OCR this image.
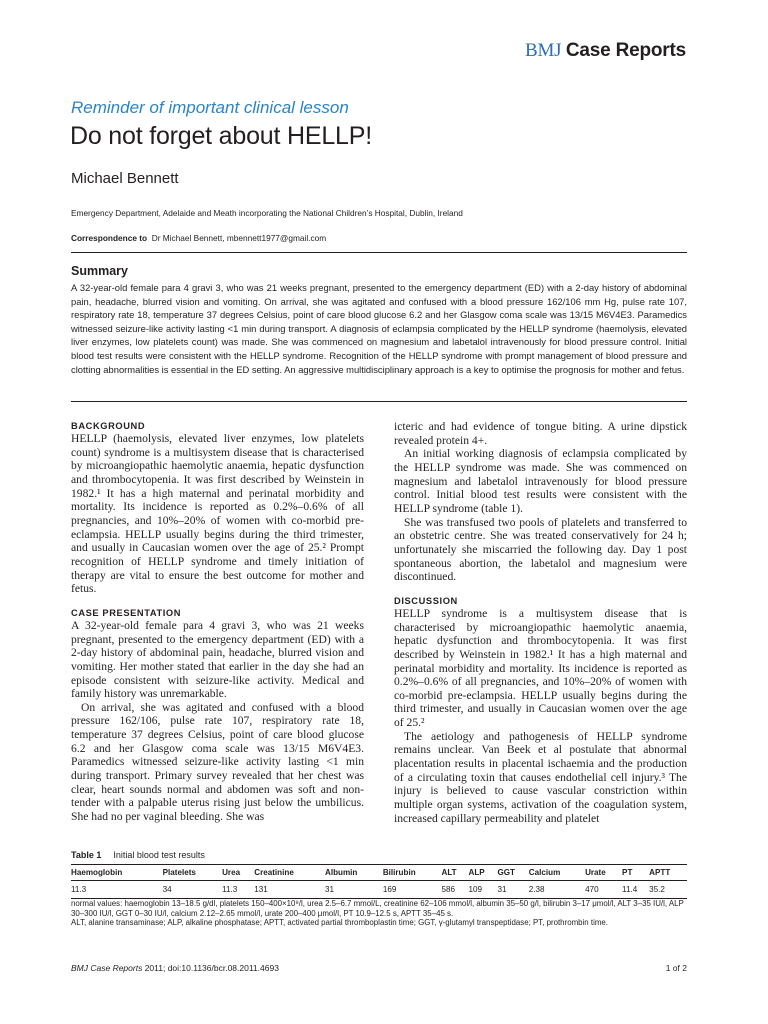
BMJ Case Reports
Reminder of important clinical lesson
Do not forget about HELLP!
Michael Bennett
Emergency Department, Adelaide and Meath incorporating the National Children’s Hospital, Dublin, Ireland
Correspondence to Dr Michael Bennett, mbennett1977@gmail.com
Summary

A 32-year-old female para 4 gravi 3, who was 21 weeks pregnant, presented to the emergency department (ED) with a 2-day history of abdominal pain, headache, blurred vision and vomiting. On arrival, she was agitated and confused with a blood pressure 162/106 mm Hg, pulse rate 107, respiratory rate 18, temperature 37 degrees Celsius, point of care blood glucose 6.2 and her Glasgow coma scale was 13/15 M6V4E3. Paramedics witnessed seizure-like activity lasting <1 min during transport. A diagnosis of eclampsia complicated by the HELLP syndrome (haemolysis, elevated liver enzymes, low platelets count) was made. She was commenced on magnesium and labetalol intravenously for blood pressure control. Initial blood test results were consistent with the HELLP syndrome. Recognition of the HELLP syndrome with prompt management of blood pressure and clotting abnormalities is essential in the ED setting. An aggressive multidisciplinary approach is a key to optimise the prognosis for mother and fetus.

BACKGROUND

HELLP (haemolysis, elevated liver enzymes, low platelets count) syndrome is a multisystem disease that is characterised by microangiopathic haemolytic anaemia, hepatic dysfunction and thrombocytopenia. It was first described by Weinstein in 1982.¹ It has a high maternal and perinatal morbidity and mortality. Its incidence is reported as 0.2%–0.6% of all pregnancies, and 10%–20% of women with co-morbid pre-eclampsia. HELLP usually begins during the third trimester, and usually in Caucasian women over the age of 25.² Prompt recognition of HELLP syndrome and timely initiation of therapy are vital to ensure the best outcome for mother and fetus.

CASE PRESENTATION

A 32-year-old female para 4 gravi 3, who was 21 weeks pregnant, presented to the emergency department (ED) with a 2-day history of abdominal pain, headache, blurred vision and vomiting. Her mother stated that earlier in the day she had an episode consistent with seizure-like activity. Medical and family history was unremarkable.

On arrival, she was agitated and confused with a blood pressure 162/106, pulse rate 107, respiratory rate 18, temperature 37 degrees Celsius, point of care blood glucose 6.2 and her Glasgow coma scale was 13/15 M6V4E3. Paramedics witnessed seizure-like activity lasting <1 min during transport. Primary survey revealed that her chest was clear, heart sounds normal and abdomen was soft and non-tender with a palpable uterus rising just below the umbilicus. She had no per vaginal bleeding. She was

icteric and had evidence of tongue biting. A urine dipstick revealed protein 4+.

An initial working diagnosis of eclampsia complicated by the HELLP syndrome was made. She was commenced on magnesium and labetalol intravenously for blood pressure control. Initial blood test results were consistent with the HELLP syndrome (table 1).

She was transfused two pools of platelets and transferred to an obstetric centre. She was treated conservatively for 24 h; unfortunately she miscarried the following day. Day 1 post spontaneous abortion, the labetalol and magnesium were discontinued.

DISCUSSION

HELLP syndrome is a multisystem disease that is characterised by microangiopathic haemolytic anaemia, hepatic dysfunction and thrombocytopenia. It was first described by Weinstein in 1982.¹ It has a high maternal and perinatal morbidity and mortality. Its incidence is reported as 0.2%–0.6% of all pregnancies, and 10%–20% of women with co-morbid pre-eclampsia. HELLP usually begins during the third trimester, and usually in Caucasian women over the age of 25.²

The aetiology and pathogenesis of HELLP syndrome remains unclear. Van Beek et al postulate that abnormal placentation results in placental ischaemia and the production of a circulating toxin that causes endothelial cell injury.³ The injury is believed to cause vascular constriction within multiple organ systems, activation of the coagulation system, increased capillary permeability and platelet

Table 1 Initial blood test results
Haemoglobin	Platelets	Urea	Creatinine	Albumin	Bilirubin	ALT	ALP	GGT	Calcium	Urate	PT	APTT
11.3	34	11.3	131	31	169	586	109	31	2.38	470	11.4	35.2
normal values: haemoglobin 13–18.5 g/dl, platelets 150–400×10⁹/l, urea 2.5–6.7 mmol/L, creatinine 62–106 mmol/l, albumin 35–50 g/l, bilirubin 3–17 μmol/l, ALT 3–35 IU/l, ALP 30–300 IU/l, GGT 0–30 IU/l, calcium 2.12–2.65 mmol/l, urate 200–400 μmol/l, PT 10.9–12.5 s, APTT 35–45 s.
ALT, alanine transaminase; ALP, alkaline phosphatase; APTT, activated partial thromboplastin time; GGT, γ-glutamyl transpeptidase; PT, prothrombin time.
BMJ Case Reports 2011; doi:10.1136/bcr.08.2011.4693	1 of 2
